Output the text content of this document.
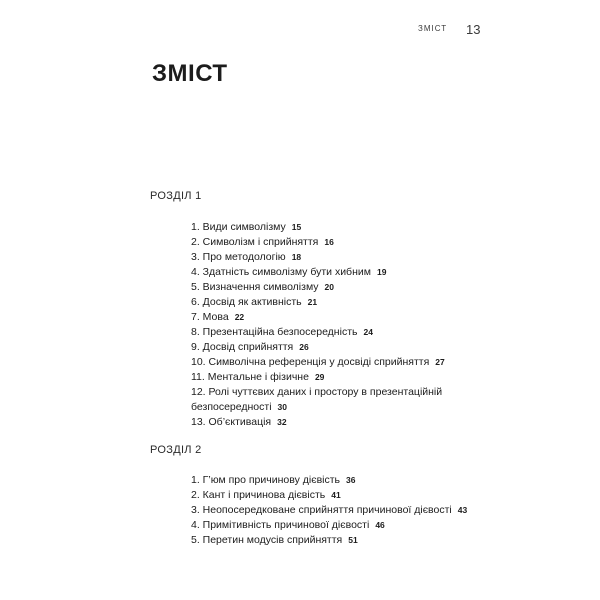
ЗМІСТ 13
ЗМІСТ
РОЗДІЛ 1
1. Види символізму 15
2. Символізм і сприйняття 16
3. Про методологію 18
4. Здатність символізму бути хибним 19
5. Визначення символізму 20
6. Досвід як активність 21
7. Мова 22
8. Презентаційна безпосередність 24
9. Досвід сприйняття 26
10. Символічна референція у досвіді сприйняття 27
11. Ментальне і фізичне 29
12. Ролі чуттєвих даних і простору в презентаційній безпосередності 30
13. Об’єктивація 32
РОЗДІЛ 2
1. Г’юм про причинову дієвість 36
2. Кант і причинова дієвість 41
3. Неопосередковане сприйняття причинової дієвості 43
4. Примітивність причинової дієвості 46
5. Перетин модусів сприйняття 51
